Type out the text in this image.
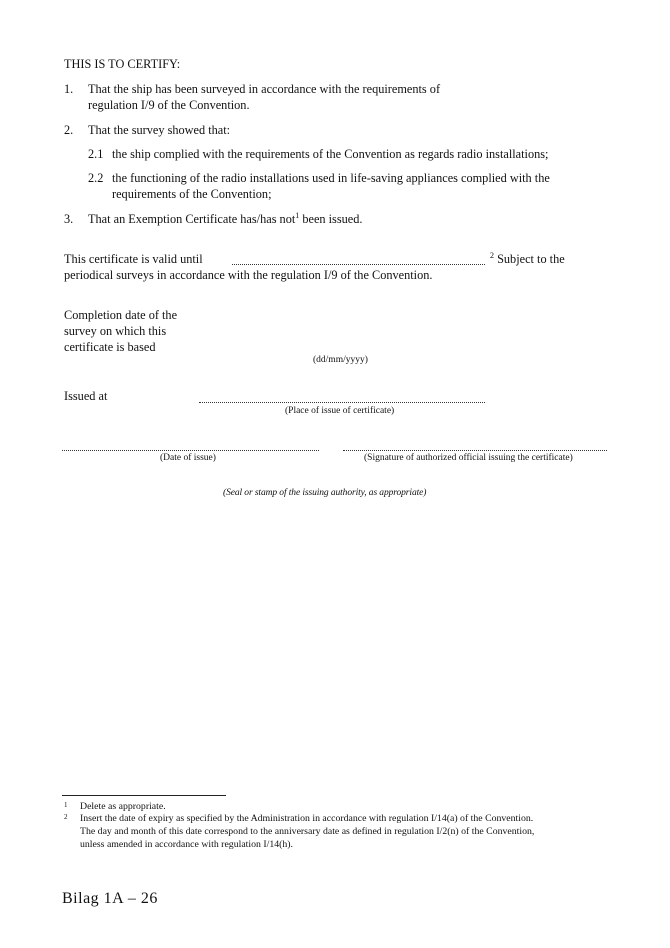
THIS IS TO CERTIFY:
1. That the ship has been surveyed in accordance with the requirements of
regulation I/9 of the Convention.
2. That the survey showed that:
2.1 the ship complied with the requirements of the Convention as regards radio installations;
2.2 the functioning of the radio installations used in life-saving appliances complied with the
requirements of the Convention;
3. That an Exemption Certificate has/has not$^1$ been issued.
This certificate is valid until	$^2$ Subject to the
periodical surveys in accordance with the regulation I/9 of the Convention.
Completion date of the
survey on which this
certificate is based
(dd/mm/yyyy)
Issued at
(Place of issue of certificate)
(Date of issue)	(Signature of authorized official issuing the certificate)
(Seal or stamp of the issuing authority, as appropriate)
1 Delete as appropriate.
2 Insert the date of expiry as specified by the Administration in accordance with regulation I/14(a) of the Convention.
The day and month of this date correspond to the anniversary date as defined in regulation I/2(n) of the Convention,
unless amended in accordance with regulation I/14(h).
Bilag 1A – 26
